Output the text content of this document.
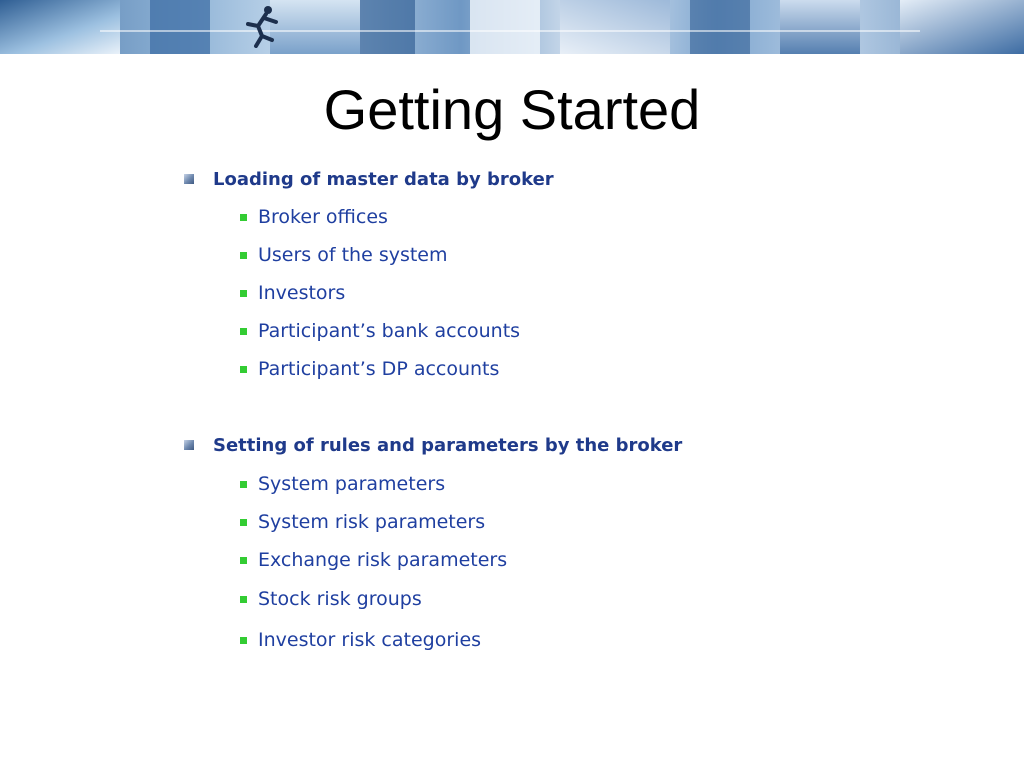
Getting Started
Loading of master data by broker
Broker offices
Users of the system
Investors
Participant’s bank accounts
Participant’s DP accounts
Setting of rules and parameters by the broker
System parameters
System risk parameters
Exchange risk parameters
Stock risk groups
Investor risk categories
